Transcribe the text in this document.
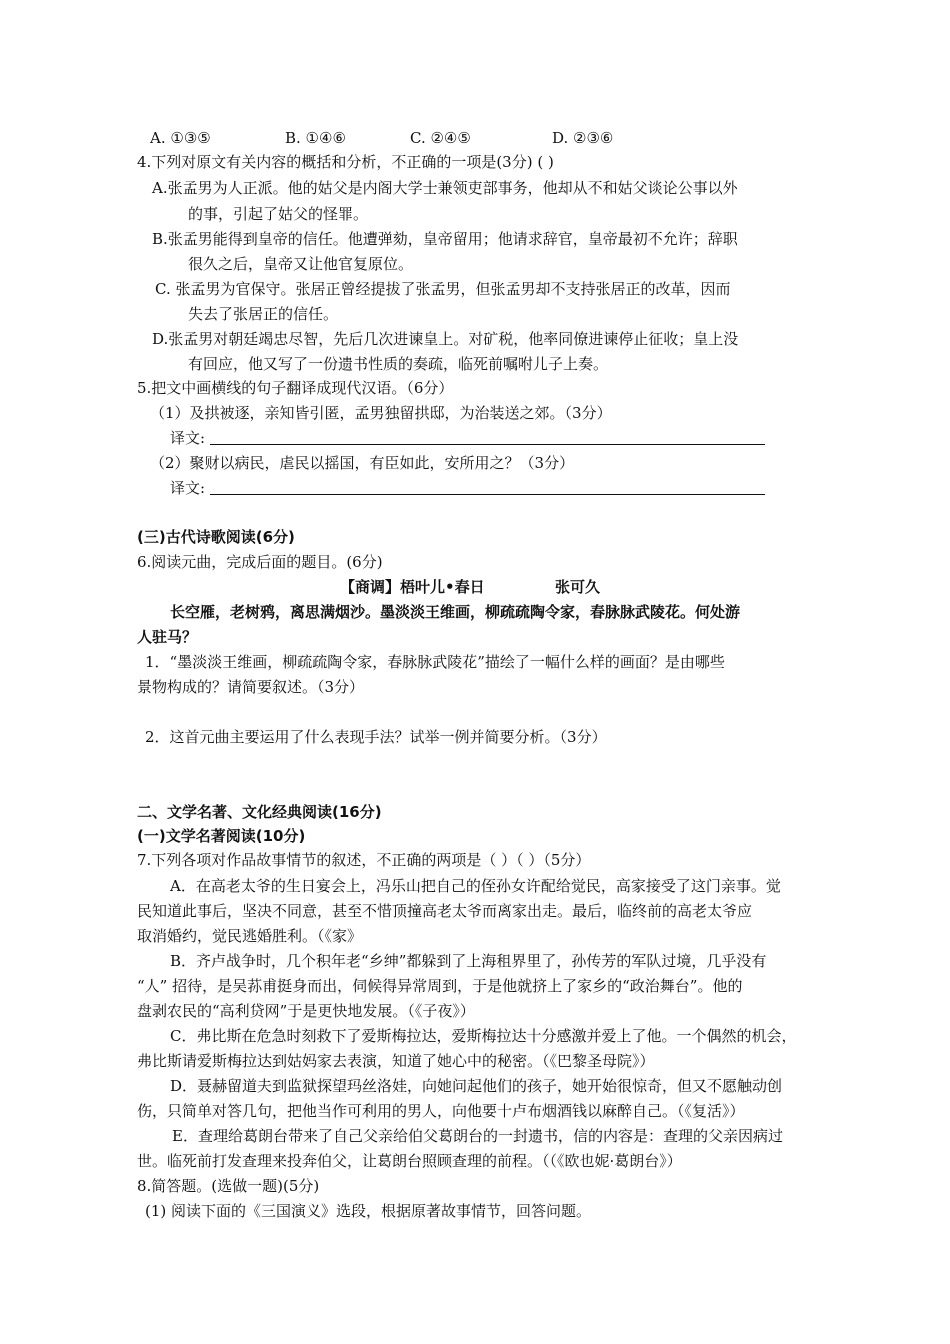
A. ①③⑤	B. ①④⑥	C. ②④⑤	D. ②③⑥
4.下列对原文有关内容的概括和分析，不正确的一项是(3分) ( )
A.张孟男为人正派。他的姑父是内阁大学士兼领吏部事务，他却从不和姑父谈论公事以外
的事，引起了姑父的怪罪。
B.张孟男能得到皇帝的信任。他遭弹劾，皇帝留用；他请求辞官，皇帝最初不允许；辞职
很久之后，皇帝又让他官复原位。
C. 张孟男为官保守。张居正曾经提拔了张孟男，但张孟男却不支持张居正的改革，因而
失去了张居正的信任。
D.张孟男对朝廷竭忠尽智，先后几次进谏皇上。对矿税，他率同僚进谏停止征收；皇上没
有回应，他又写了一份遗书性质的奏疏，临死前嘱咐儿子上奏。
5.把文中画横线的句子翻译成现代汉语。（6分）
（1）及拱被逐，亲知皆引匿，孟男独留拱邸，为治装送之郊。（3分）
译文:
（2）聚财以病民，虐民以摇国，有臣如此，安所用之？（3分）
译文:
(三)古代诗歌阅读(6分)
6.阅读元曲，完成后面的题目。(6分)
【商调】梧叶儿•春日	张可久
长空雁，老树鸦，离思满烟沙。墨淡淡王维画，柳疏疏陶令家，春脉脉武陵花。何处游
人驻马？
1．“墨淡淡王维画，柳疏疏陶令家，春脉脉武陵花”描绘了一幅什么样的画面？是由哪些
景物构成的？请简要叙述。（3分）
2．这首元曲主要运用了什么表现手法？试举一例并简要分析。（3分）
二、文学名著、文化经典阅读(16分)
(一)文学名著阅读(10分)
7.下列各项对作品故事情节的叙述，不正确的两项是（ ）（ ）（5分）
A．在高老太爷的生日宴会上，冯乐山把自己的侄孙女许配给觉民，高家接受了这门亲事。觉
民知道此事后，坚决不同意，甚至不惜顶撞高老太爷而离家出走。最后，临终前的高老太爷应
取消婚约，觉民逃婚胜利。（《家》
B．齐卢战争时，几个积年老“乡绅”都躲到了上海租界里了，孙传芳的军队过境，几乎没有
“人” 招待，是吴荪甫挺身而出，伺候得异常周到，于是他就挤上了家乡的“政治舞台”。他的
盘剥农民的“高利贷网”于是更快地发展。（《子夜》）
C．弗比斯在危急时刻救下了爱斯梅拉达，爱斯梅拉达十分感激并爱上了他。一个偶然的机会，
弗比斯请爱斯梅拉达到姑妈家去表演，知道了她心中的秘密。（《巴黎圣母院》）
D．聂赫留道夫到监狱探望玛丝洛娃，向她问起他们的孩子，她开始很惊奇，但又不愿触动创
伤，只简单对答几句，把他当作可利用的男人，向他要十卢布烟酒钱以麻醉自己。（《复活》）
E．查理给葛朗台带来了自己父亲给伯父葛朗台的一封遗书，信的内容是：查理的父亲因病过
世。临死前打发查理来投奔伯父，让葛朗台照顾查理的前程。（（《欧也妮·葛朗台》）
8.简答题。(选做一题)(5分)
(1) 阅读下面的《三国演义》选段，根据原著故事情节，回答问题。
